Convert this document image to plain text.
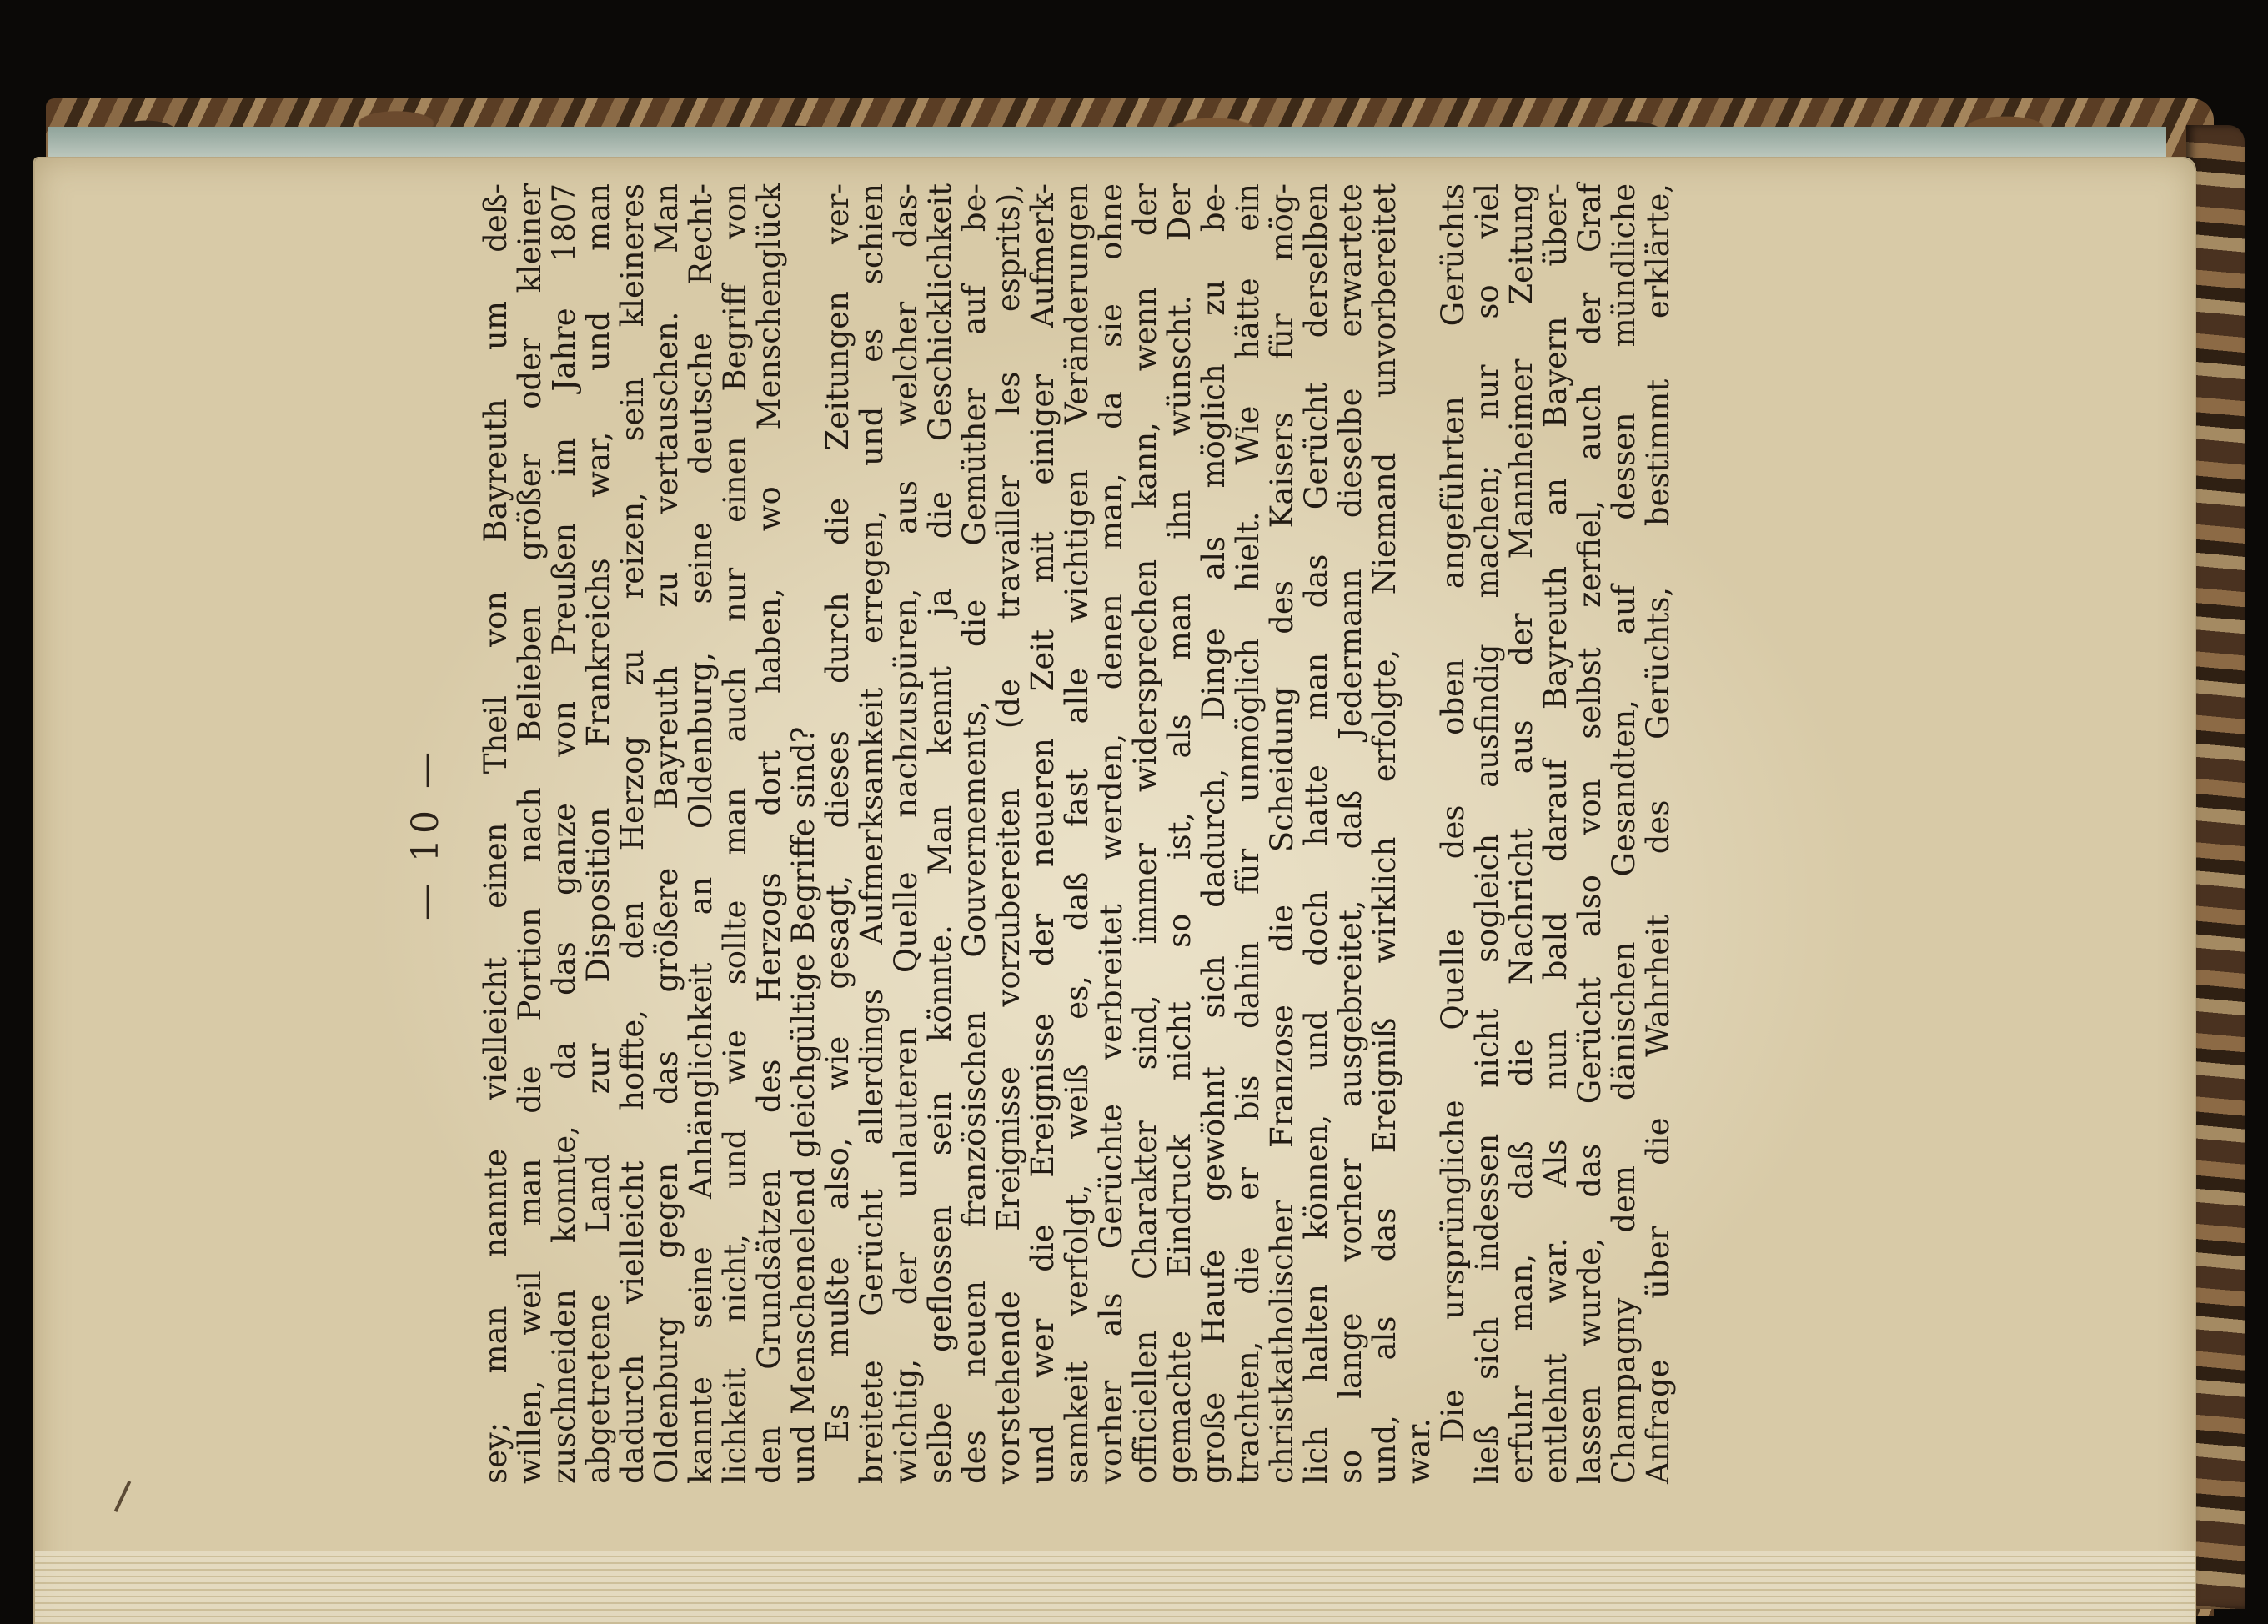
— 10 — sey; man nannte vielleicht einen Theil von Bayreuth um deß-
willen, weil man die Portion nach Belieben größer oder kleiner
zuschneiden konnte, da das ganze von Preußen im Jahre 1807
abgetretene Land zur Disposition Frankreichs war, und man
dadurch vielleicht hoffte, den Herzog zu reizen, sein kleineres
Oldenburg gegen das größere Bayreuth zu vertauschen. Man
kannte seine Anhänglichkeit an Oldenburg, seine deutsche Recht-
lichkeit nicht, und wie sollte man auch nur einen Begriff von
den Grundsätzen des Herzogs dort haben, wo Menschenglück
und Menschenelend gleichgültige Begriffe sind?
Es mußte also, wie gesagt, dieses durch die Zeitungen ver-
breitete Gerücht allerdings Aufmerksamkeit erregen, und es schien
wichtig, der unlauteren Quelle nachzuspüren, aus welcher das-
selbe geflossen sein könnte. Man kennt ja die Geschicklichkeit
des neuen französischen Gouvernements, die Gemüther auf be-
vorstehende Ereignisse vorzubereiten (de travailler les esprits),
und wer die Ereignisse der neueren Zeit mit einiger Aufmerk-
samkeit verfolgt, weiß es, daß fast alle wichtigen Veränderungen
vorher als Gerüchte verbreitet werden, denen man, da sie ohne
officiellen Charakter sind, immer widersprechen kann, wenn der
gemachte Eindruck nicht so ist, als man ihn wünscht. Der
große Haufe gewöhnt sich dadurch, Dinge als möglich zu be-
trachten, die er bis dahin für unmöglich hielt. Wie hätte ein
christkatholischer Franzose die Scheidung des Kaisers für mög-
lich halten können, und doch hatte man das Gerücht derselben
so lange vorher ausgebreitet, daß Jedermann dieselbe erwartete
und, als das Ereigniß wirklich erfolgte, Niemand unvorbereitet
war.
Die ursprüngliche Quelle des oben angeführten Gerüchts
ließ sich indessen nicht sogleich ausfindig machen; nur so viel
erfuhr man, daß die Nachricht aus der Mannheimer Zeitung
entlehnt war. Als nun bald darauf Bayreuth an Bayern über-
lassen wurde, das Gerücht also von selbst zerfiel, auch der Graf
Champagny dem dänischen Gesandten, auf dessen mündliche
Anfrage über die Wahrheit des Gerüchts, bestimmt erklärte,
